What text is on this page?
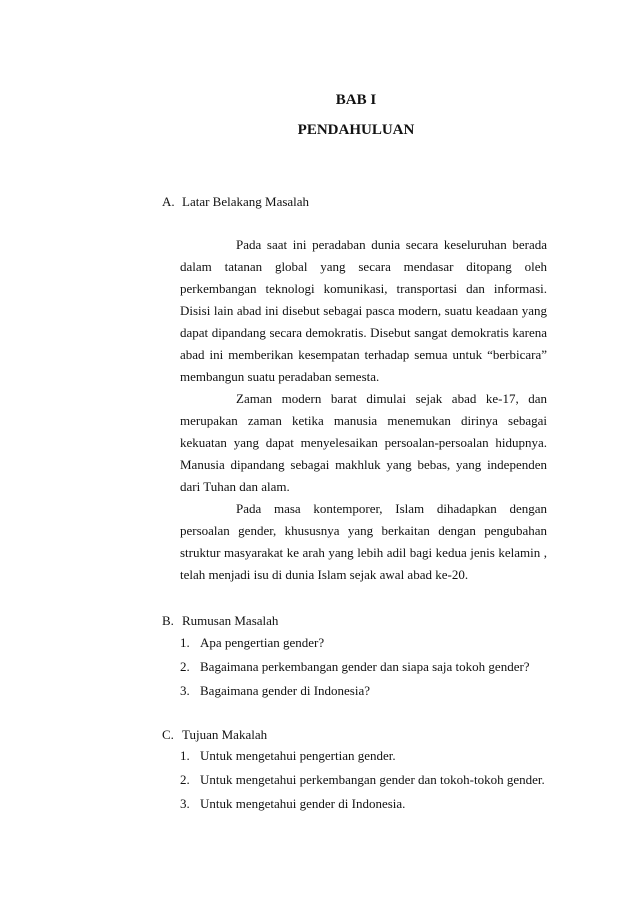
BAB I
PENDAHULUAN
A. Latar Belakang Masalah

Pada saat ini peradaban dunia secara keseluruhan berada dalam tatanan global yang secara mendasar ditopang oleh perkembangan teknologi komunikasi, transportasi dan informasi. Disisi lain abad ini disebut sebagai pasca modern, suatu keadaan yang dapat dipandang secara demokratis. Disebut sangat demokratis karena abad ini memberikan kesempatan terhadap semua untuk “berbicara” membangun suatu peradaban semesta.

Zaman modern barat dimulai sejak abad ke-17, dan merupakan zaman ketika manusia menemukan dirinya sebagai kekuatan yang dapat menyelesaikan persoalan-persoalan hidupnya. Manusia dipandang sebagai makhluk yang bebas, yang independen dari Tuhan dan alam.

Pada masa kontemporer, Islam dihadapkan dengan persoalan gender, khususnya yang berkaitan dengan pengubahan struktur masyarakat ke arah yang lebih adil bagi kedua jenis kelamin , telah menjadi isu di dunia Islam sejak awal abad ke-20.

B. Rumusan Masalah
1. Apa pengertian gender?
2. Bagaimana perkembangan gender dan siapa saja tokoh gender?
3. Bagaimana gender di Indonesia?
C. Tujuan Makalah
1. Untuk mengetahui pengertian gender.
2. Untuk mengetahui perkembangan gender dan tokoh-tokoh gender.
3. Untuk mengetahui gender di Indonesia.
